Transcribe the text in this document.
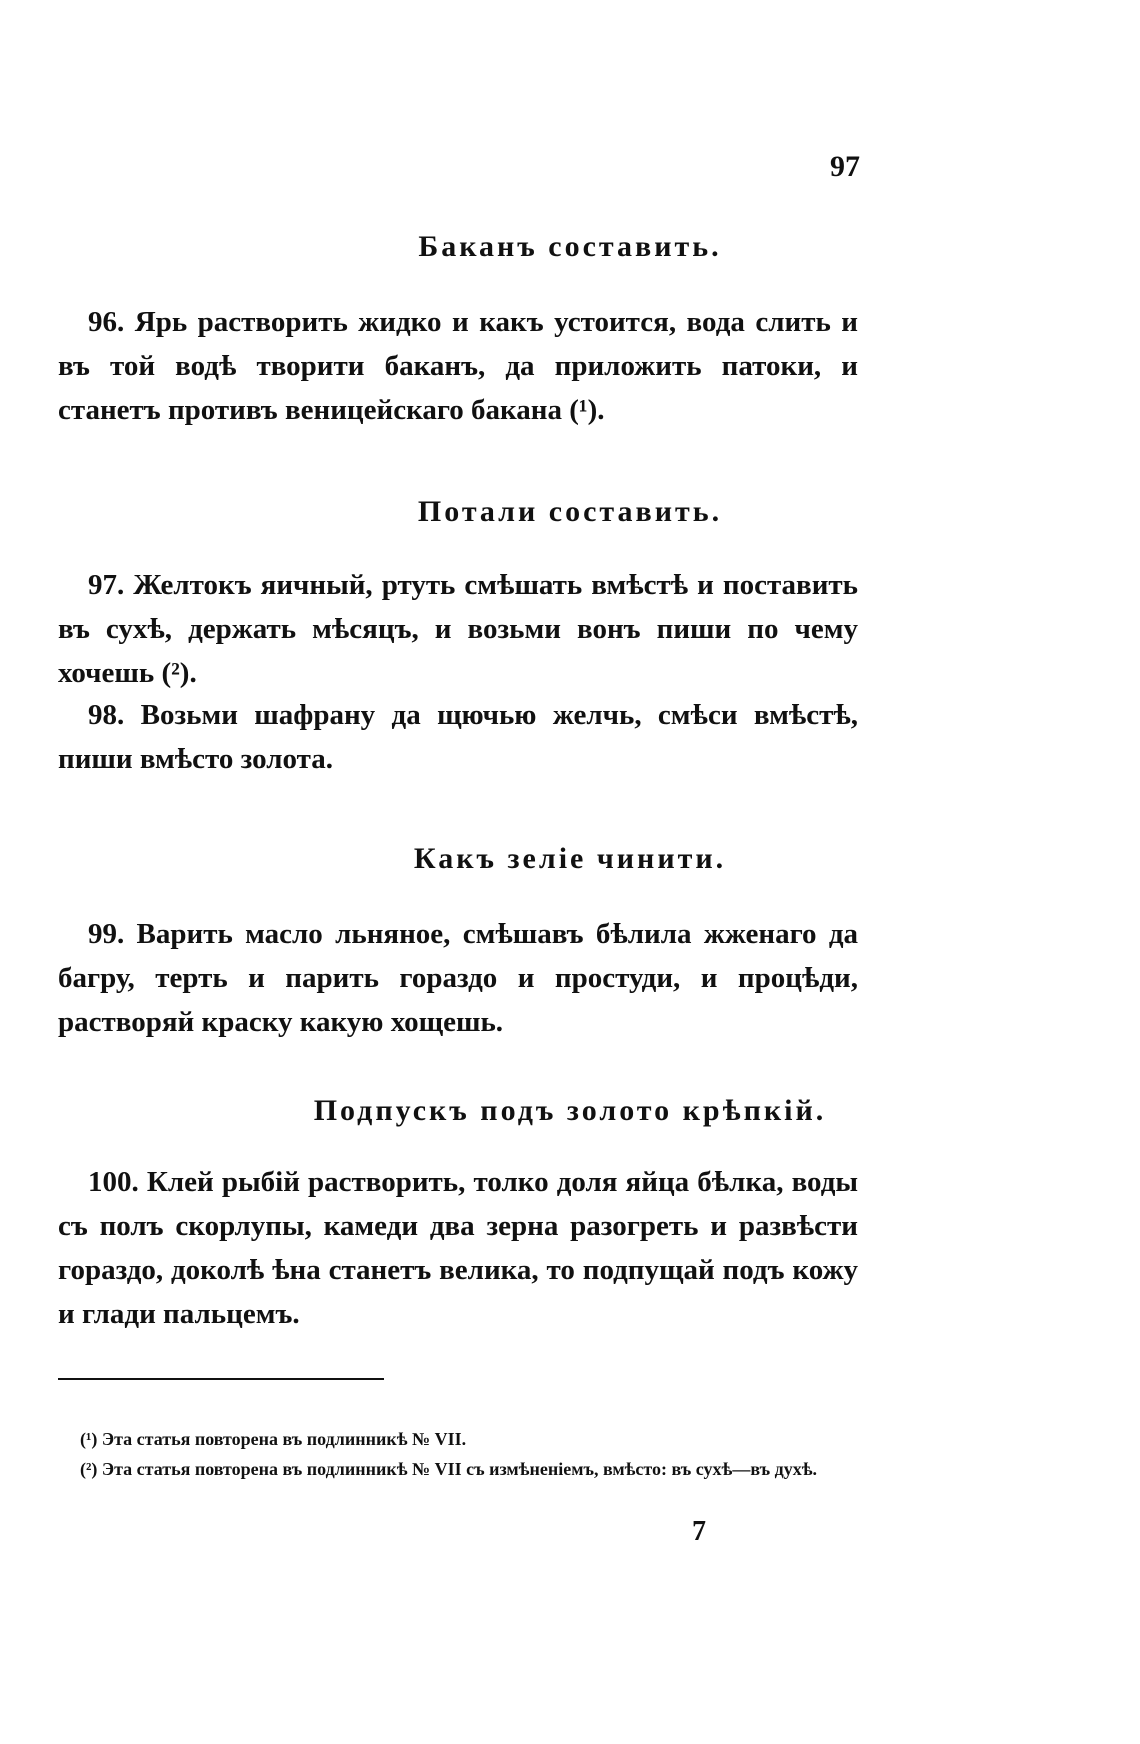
97
Баканъ составить.
96. Ярь растворить жидко и какъ устоится, вода слить и въ той водѣ творити баканъ, да приложить патоки, и станетъ противъ веницейскаго бакана (¹).
Потали составить.
97. Желтокъ яичный, ртуть смѣшать вмѣстѣ и поставить въ сухѣ, держать мѣсяцъ, и возьми вонъ пиши по чему хочешь (²).
98. Возьми шафрану да щючью желчь, смѣси вмѣстѣ, пиши вмѣсто золота.
Какъ зеліе чинити.
99. Варить масло льняное, смѣшавъ бѣлила жженаго да багру, терть и парить гораздо и простуди, и процѣди, растворяй краску какую хощешь.
Подпускъ подъ золото крѣпкій.
100. Клей рыбій растворить, толко доля яйца бѣлка, воды съ полъ скорлупы, камеди два зерна разогреть и развѣсти гораздо, доколѣ ѣна станетъ велика, то подпущай подъ кожу и глади пальцемъ.
(¹) Эта статья повторена въ подлинникѣ № VII.
(²) Эта статья повторена въ подлинникѣ № VII съ измѣненіемъ, вмѣсто: въ сухѣ—въ духѣ.
7
